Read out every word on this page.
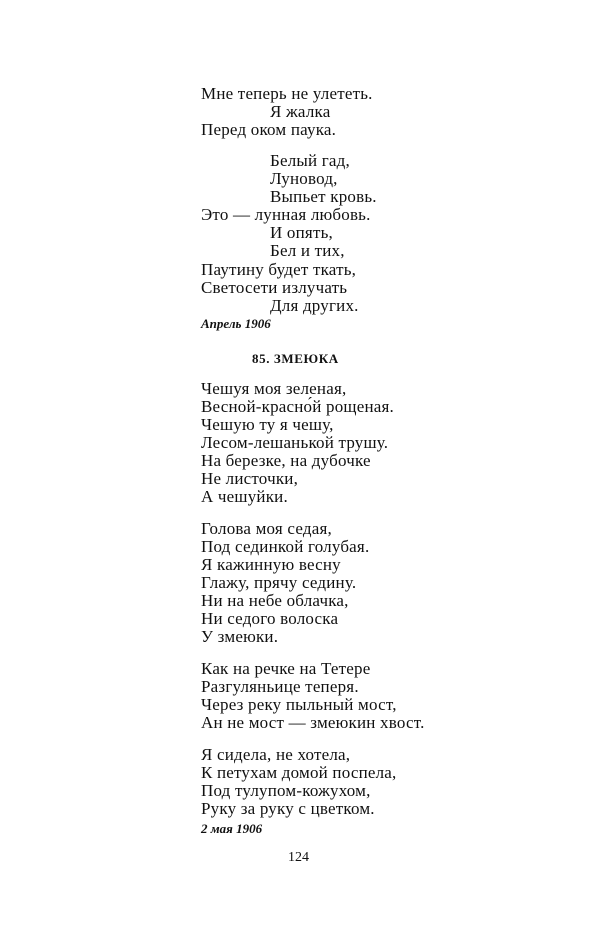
Мне теперь не улететь.
Я жалка
Перед оком паука.
Белый гад,
Луновод,
Выпьет кровь.
Это — лунная любовь.
И опять,
Бел и тих,
Паутину будет ткать,
Светосети излучать
Для других.
Апрель 1906
85. ЗМЕЮКА
Чешуя моя зеленая,
Весной-красно́й рощеная.
Чешую ту я чешу,
Лесом-лешанькой трушу.
На березке, на дубочке
Не листочки,
А чешуйки.
Голова моя седая,
Под сединкой голубая.
Я кажинную весну
Глажу, прячу седину.
Ни на небе облачка,
Ни седого волоска
У змеюки.
Как на речке на Тетере
Разгуляньице теперя.
Через реку пыльный мост,
Ан не мост — змеюкин хвост.
Я сидела, не хотела,
К петухам домой поспела,
Под тулупом-кожухом,
Руку за руку с цветком.
2 мая 1906
124
